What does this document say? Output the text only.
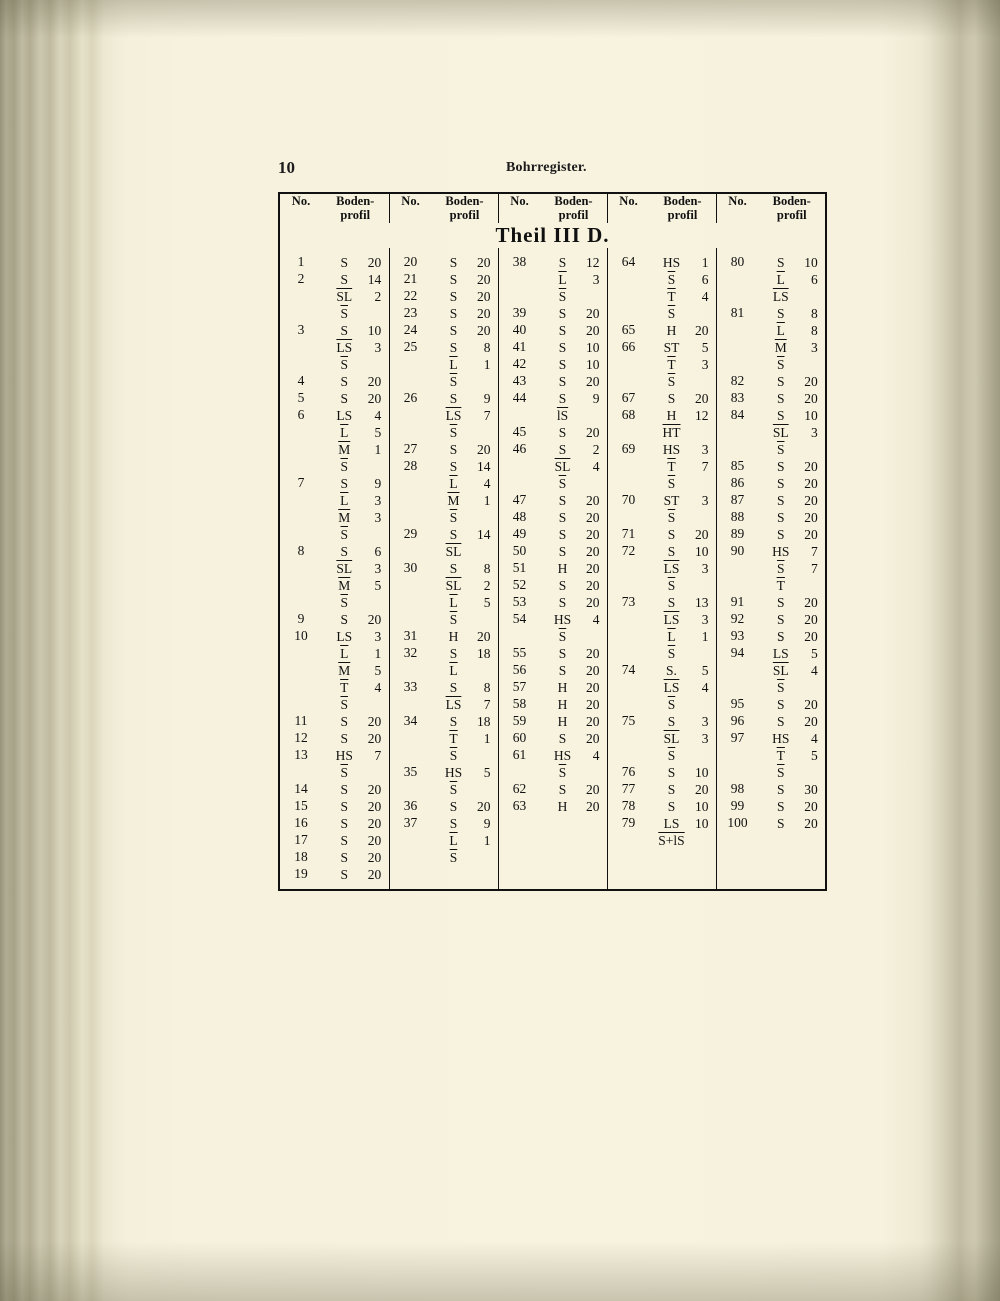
10	Bohrregister.
No.	Boden-
profil

No.	Boden-
profil

No.	Boden-
profil

No.	Boden-
profil

No.	Boden-
profil

Theil III D.				

1	S	20
2	S	14
$\overline{SL}$	2
$\overline{S}$
3	S	10
$\overline{LS}$	3
$\overline{S}$
4	S	20
5	S	20
6	˘ LS	4
$\overline{L}$	5
$\overline{M}$	1
$\overline{S}$
7	S	9
$\overline{L}$	3
$\overline{M}$	3
$\overline{S}$
8	S	6
$\overline{SL}$	3
$\overline{M}$	5
$\overline{S}$
9	S	20
10	˘ LS	3
$\overline{L}$	1
$\overline{M}$	5
$\overline{T}$	4
$\overline{S}$
11	S	20
12	S	20
13	HS	7
$\overline{S}$
14	S	20
15	S	20
16	S	20
17	S	20
18	S	20
19	S	20

20	S	20
21	S	20
22	S	20
23	S	20
24	S	20
25	S	8
$\overline{L}$	1
$\overline{S}$
26	S	9
$\overline{LS}$	7
$\overline{S}$
27	S	20
28	S	14
$\overline{L}$	4
$\overline{M}$	1
$\overline{S}$
29	S	14
$\overline{SL}$
30	S	8
$\overline{SL}$	2
$\overline{L}$	5
$\overline{S}$
31	H	20
32	S	18
$\overline{L}$
33	S	8
$\overline{LS}$	7
34	S	18
$\overline{T}$	1
$\overline{S}$
35	HS	5
$\overline{S}$
36	S	20
37	S	9
$\overline{L}$	1
$\overline{S}$

38	S	12
$\overline{L}$	3
$\overline{S}$
39	S	20
40	S	20
41	S	10
42	S	10
43	S	20
44	S	9
$\overline{lS}$
45	S	20
46	S	2
$\overline{SL}$	4
$\overline{S}$
47	S	20
48	S	20
49	S	20
50	S	20
51	H	20
52	S	20
53	S	20
54	HS	4
$\overline{S}$
55	S	20
56	S	20
57	H	20
58	H	20
59	H	20
60	S	20
61	HS	4
$\overline{S}$
62	S	20
63	H	20

64	HS	1
$\overline{S}$	6
$\overline{T}$	4
$\overline{S}$
65	H	20
66	ST	5
$\overline{T}$	3
$\overline{S}$
67	S	20
68	H	12
$\overline{HT}$
69	HS	3
$\overline{T}$	7
$\overline{S}$
70	ST	3
$\overline{S}$
71	S	20
72	S	10
$\overline{LS}$	3
$\overline{S}$
73	S	13
$\overline{LS}$	3
$\overline{L}$	1
$\overline{S}$
74	S.	5
$\overline{LS}$	4
$\overline{S}$
75	S	3
$\overline{SL}$	3
$\overline{S}$
76	S	10
77	S	20
78	S	10
79	LS	10
S+lS

80	S	10
$\overline{L}$	6
$\overline{LS}$
81	S	8
$\overline{L}$	8
$\overline{M}$	3
$\overline{S}$
82	S	20
83	S	20
84	S	10
$\overline{SL}$	3
$\overline{S}$
85	S	20
86	S	20
87	S	20
88	S	20
89	S	20
90	HS	7
$\overline{S}$	7
$\overline{T}$
91	S	20
92	S	20
93	S	20
94	˘ LS	5
$\overline{SL}$	4
$\overline{S}$
95	S	20
96	S	20
97	HS	4
$\overline{T}$	5
$\overline{S}$
98	S	30
99	S	20
100	S	20
